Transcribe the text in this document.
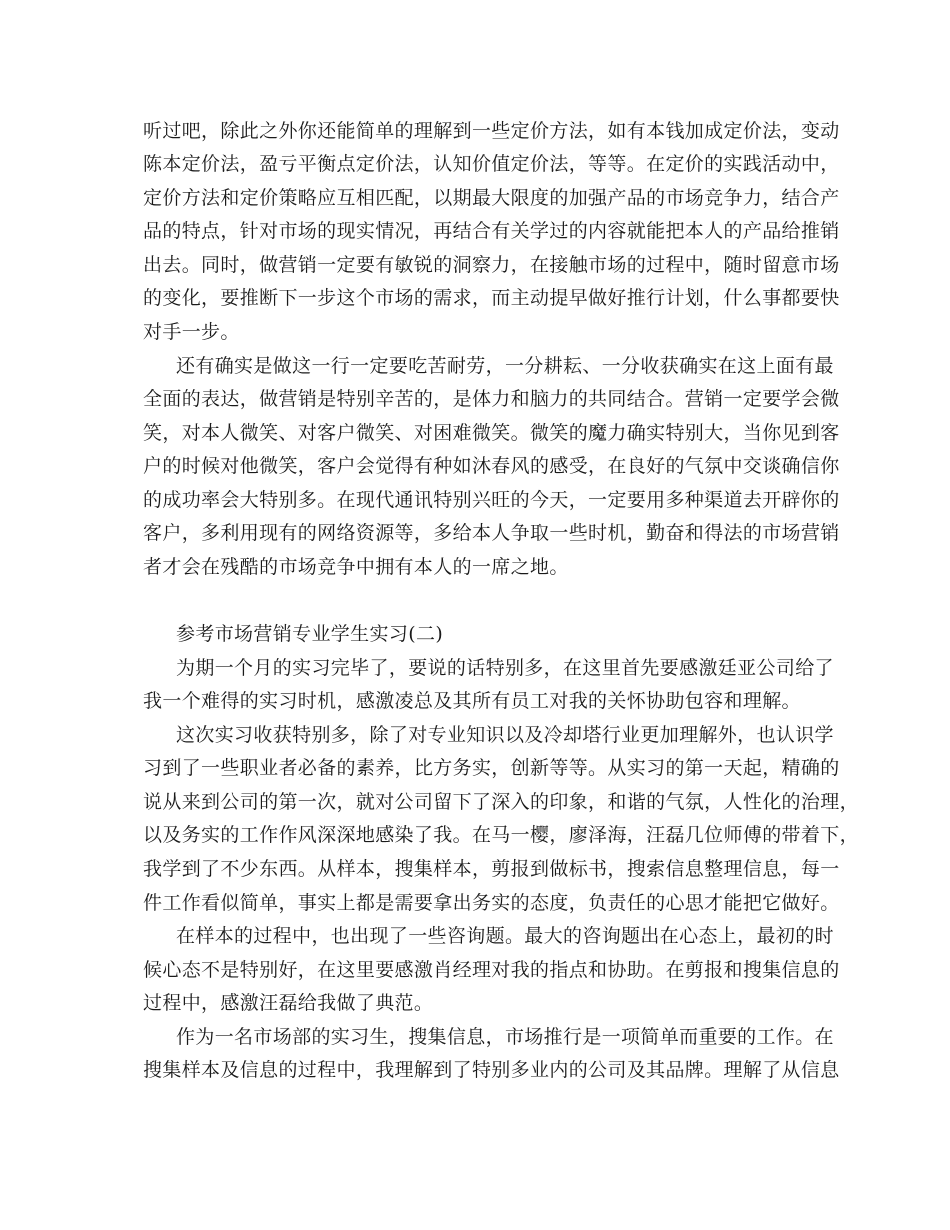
听过吧，除此之外你还能简单的理解到一些定价方法，如有本钱加成定价法，变动
陈本定价法，盈亏平衡点定价法，认知价值定价法，等等。在定价的实践活动中，
定价方法和定价策略应互相匹配，以期最大限度的加强产品的市场竞争力，结合产
品的特点，针对市场的现实情况，再结合有关学过的内容就能把本人的产品给推销
出去。同时，做营销一定要有敏锐的洞察力，在接触市场的过程中，随时留意市场
的变化，要推断下一步这个市场的需求，而主动提早做好推行计划，什么事都要快
对手一步。
还有确实是做这一行一定要吃苦耐劳，一分耕耘、一分收获确实在这上面有最
全面的表达，做营销是特别辛苦的，是体力和脑力的共同结合。营销一定要学会微
笑，对本人微笑、对客户微笑、对困难微笑。微笑的魔力确实特别大，当你见到客
户的时候对他微笑，客户会觉得有种如沐春风的感受，在良好的气氛中交谈确信你
的成功率会大特别多。在现代通讯特别兴旺的今天，一定要用多种渠道去开辟你的
客户，多利用现有的网络资源等，多给本人争取一些时机，勤奋和得法的市场营销
者才会在残酷的市场竞争中拥有本人的一席之地。
参考市场营销专业学生实习(二)
为期一个月的实习完毕了，要说的话特别多，在这里首先要感激廷亚公司给了
我一个难得的实习时机，感激凌总及其所有员工对我的关怀协助包容和理解。
这次实习收获特别多，除了对专业知识以及冷却塔行业更加理解外，也认识学
习到了一些职业者必备的素养，比方务实，创新等等。从实习的第一天起，精确的
说从来到公司的第一次，就对公司留下了深入的印象，和谐的气氛，人性化的治理，
以及务实的工作作风深深地感染了我。在马一樱，廖泽海，汪磊几位师傅的带着下，
我学到了不少东西。从样本，搜集样本，剪报到做标书，搜索信息整理信息，每一
件工作看似简单，事实上都是需要拿出务实的态度，负责任的心思才能把它做好。
在样本的过程中，也出现了一些咨询题。最大的咨询题出在心态上，最初的时
候心态不是特别好，在这里要感激肖经理对我的指点和协助。在剪报和搜集信息的
过程中，感激汪磊给我做了典范。
作为一名市场部的实习生，搜集信息，市场推行是一项简单而重要的工作。在
搜集样本及信息的过程中，我理解到了特别多业内的公司及其品牌。理解了从信息
